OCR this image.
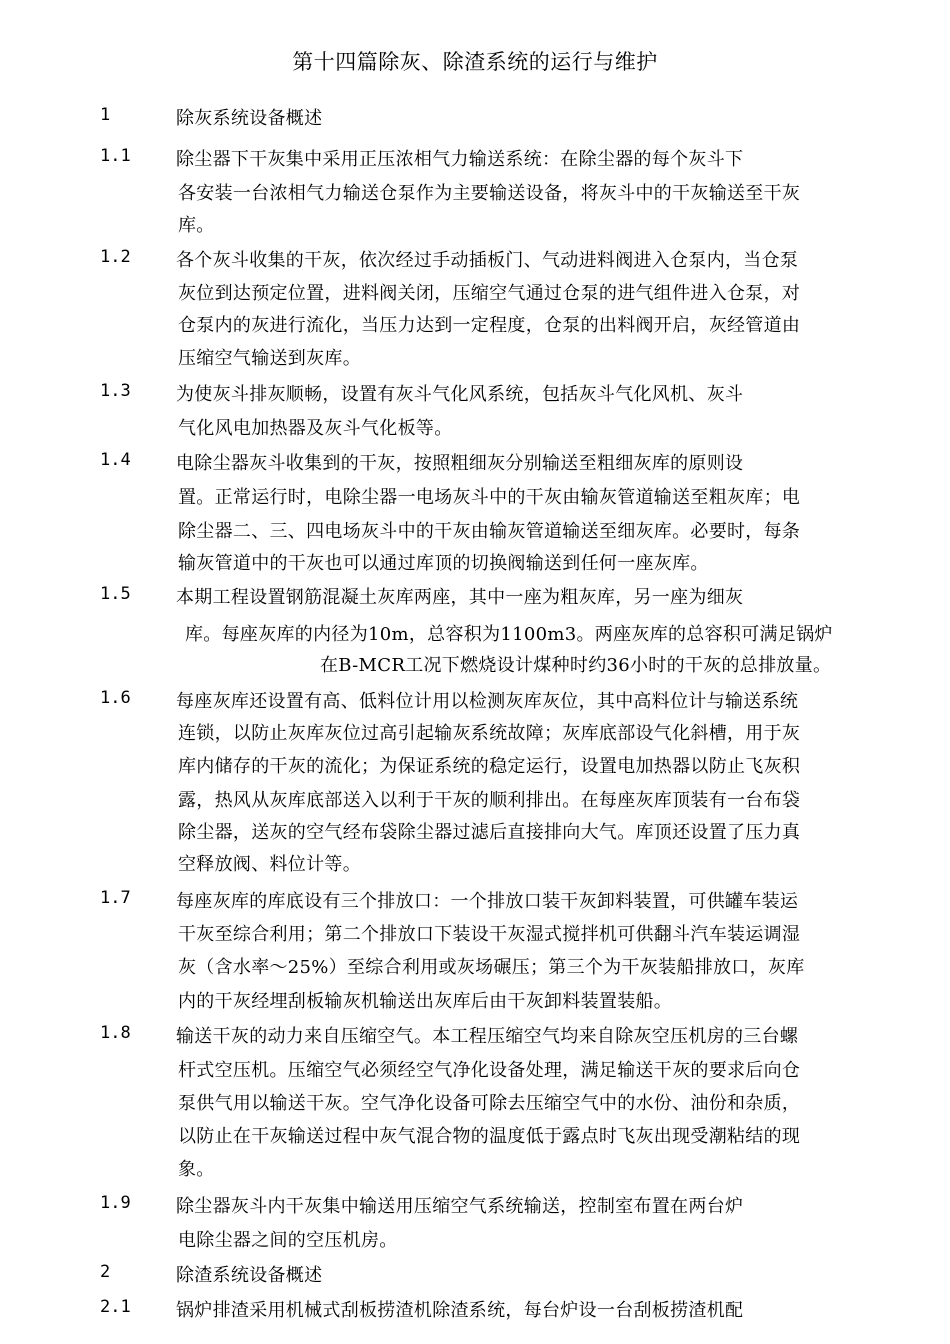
第十四篇除灰、除渣系统的运行与维护
1	除灰系统设备概述
1.1	除尘器下干灰集中采用正压浓相气力输送系统：在除尘器的每个灰斗下
各安装一台浓相气力输送仓泵作为主要输送设备，将灰斗中的干灰输送至干灰
库。
1.2	各个灰斗收集的干灰，依次经过手动插板门、气动进料阀进入仓泵内，当仓泵
灰位到达预定位置，进料阀关闭，压缩空气通过仓泵的进气组件进入仓泵，对
仓泵内的灰进行流化，当压力达到一定程度，仓泵的出料阀开启，灰经管道由
压缩空气输送到灰库。
1.3	为使灰斗排灰顺畅，设置有灰斗气化风系统，包括灰斗气化风机、灰斗
气化风电加热器及灰斗气化板等。
1.4	电除尘器灰斗收集到的干灰，按照粗细灰分别输送至粗细灰库的原则设
置。正常运行时，电除尘器一电场灰斗中的干灰由输灰管道输送至粗灰库；电
除尘器二、三、四电场灰斗中的干灰由输灰管道输送至细灰库。必要时，每条
输灰管道中的干灰也可以通过库顶的切换阀输送到任何一座灰库。
1.5	本期工程设置钢筋混凝土灰库两座，其中一座为粗灰库，另一座为细灰
库。每座灰库的内径为10m，总容积为1100m3。两座灰库的总容积可满足锅炉
在B-MCR工况下燃烧设计煤种时约36小时的干灰的总排放量。
1.6	每座灰库还设置有高、低料位计用以检测灰库灰位，其中高料位计与输送系统
连锁，以防止灰库灰位过高引起输灰系统故障；灰库底部设气化斜槽，用于灰
库内储存的干灰的流化；为保证系统的稳定运行，设置电加热器以防止飞灰积
露，热风从灰库底部送入以利于干灰的顺利排出。在每座灰库顶装有一台布袋
除尘器，送灰的空气经布袋除尘器过滤后直接排向大气。库顶还设置了压力真
空释放阀、料位计等。
1.7	每座灰库的库底设有三个排放口：一个排放口装干灰卸料装置，可供罐车装运
干灰至综合利用；第二个排放口下装设干灰湿式搅拌机可供翻斗汽车装运调湿
灰（含水率～25%）至综合利用或灰场碾压；第三个为干灰装船排放口，灰库
内的干灰经埋刮板输灰机输送出灰库后由干灰卸料装置装船。
1.8	输送干灰的动力来自压缩空气。本工程压缩空气均来自除灰空压机房的三台螺
杆式空压机。压缩空气必须经空气净化设备处理，满足输送干灰的要求后向仓
泵供气用以输送干灰。空气净化设备可除去压缩空气中的水份、油份和杂质，
以防止在干灰输送过程中灰气混合物的温度低于露点时飞灰出现受潮粘结的现
象。
1.9	除尘器灰斗内干灰集中输送用压缩空气系统输送，控制室布置在两台炉
电除尘器之间的空压机房。
2	除渣系统设备概述
2.1	锅炉排渣采用机械式刮板捞渣机除渣系统，每台炉设一台刮板捞渣机配
